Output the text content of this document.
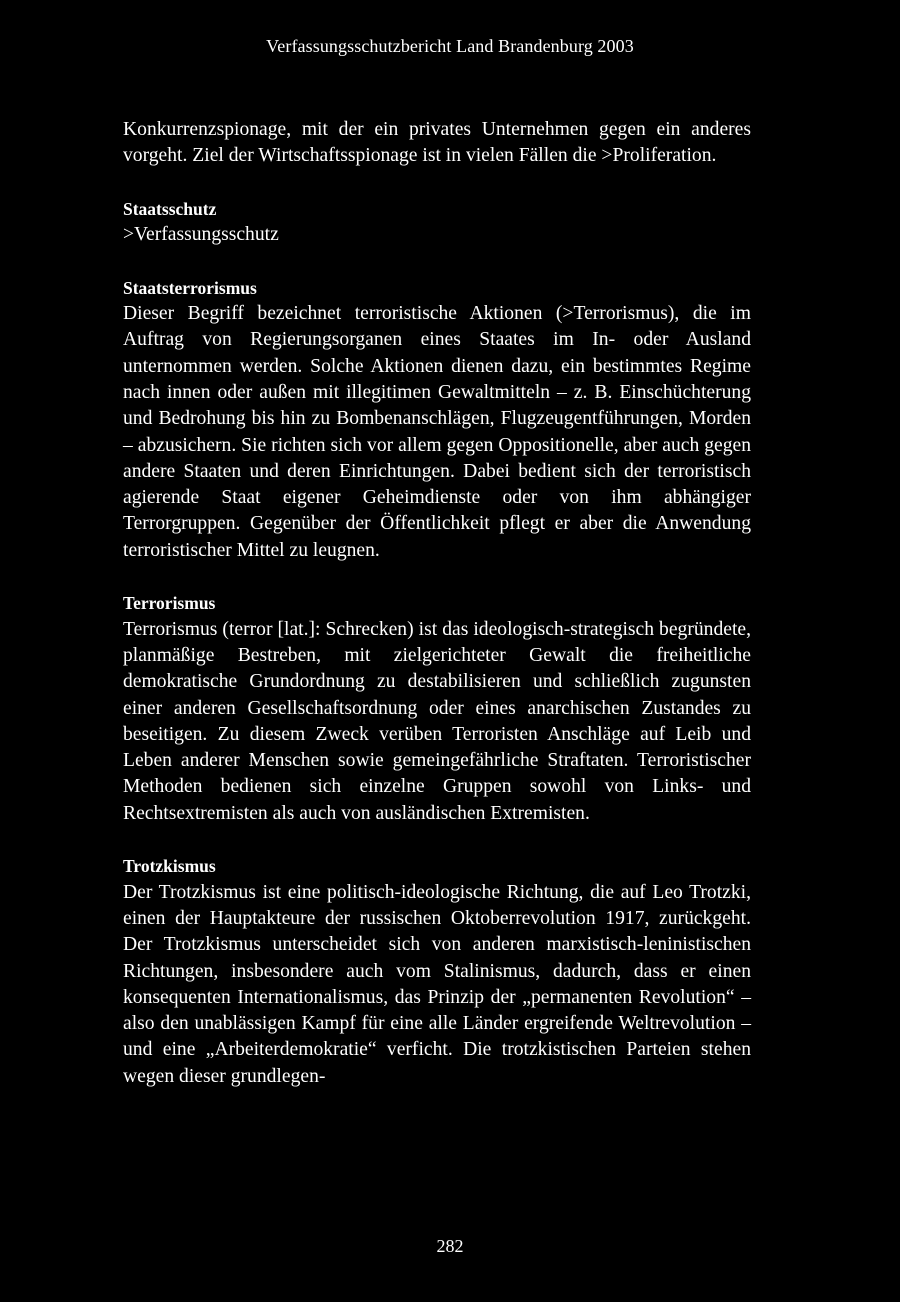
Verfassungsschutzbericht Land Brandenburg 2003

Konkurrenzspionage, mit der ein privates Unternehmen gegen ein anderes vorgeht. Ziel der Wirtschaftsspionage ist in vielen Fällen die >Proliferation.

Staatsschutz

>Verfassungsschutz

Staatsterrorismus

Dieser Begriff bezeichnet terroristische Aktionen (>Terrorismus), die im Auftrag von Regierungsorganen eines Staates im In- oder Ausland unternommen werden. Solche Aktionen dienen dazu, ein bestimmtes Regime nach innen oder außen mit illegitimen Gewaltmitteln – z. B. Einschüchterung und Bedrohung bis hin zu Bombenanschlägen, Flugzeugentführungen, Morden – abzusichern. Sie richten sich vor allem gegen Oppositionelle, aber auch gegen andere Staaten und deren Einrichtungen. Dabei bedient sich der terroristisch agierende Staat eigener Geheimdienste oder von ihm abhängiger Terrorgruppen. Gegenüber der Öffentlichkeit pflegt er aber die Anwendung terroristischer Mittel zu leugnen.

Terrorismus

Terrorismus (terror [lat.]: Schrecken) ist das ideologisch-strategisch begründete, planmäßige Bestreben, mit zielgerichteter Gewalt die freiheitliche demokratische Grundordnung zu destabilisieren und schließlich zugunsten einer anderen Gesellschaftsordnung oder eines anarchischen Zustandes zu beseitigen. Zu diesem Zweck verüben Terroristen Anschläge auf Leib und Leben anderer Menschen sowie gemeingefährliche Straftaten. Terroristischer Methoden bedienen sich einzelne Gruppen sowohl von Links- und Rechtsextremisten als auch von ausländischen Extremisten.

Trotzkismus

Der Trotzkismus ist eine politisch-ideologische Richtung, die auf Leo Trotzki, einen der Hauptakteure der russischen Oktoberrevolution 1917, zurückgeht. Der Trotzkismus unterscheidet sich von anderen marxistisch-leninistischen Richtungen, insbesondere auch vom Stalinismus, dadurch, dass er einen konsequenten Internationalismus, das Prinzip der „permanenten Revolution“ – also den unablässigen Kampf für eine alle Länder ergreifende Weltrevolution – und eine „Arbeiterdemokratie“ verficht. Die trotzkistischen Parteien stehen wegen dieser grundlegen-

282
